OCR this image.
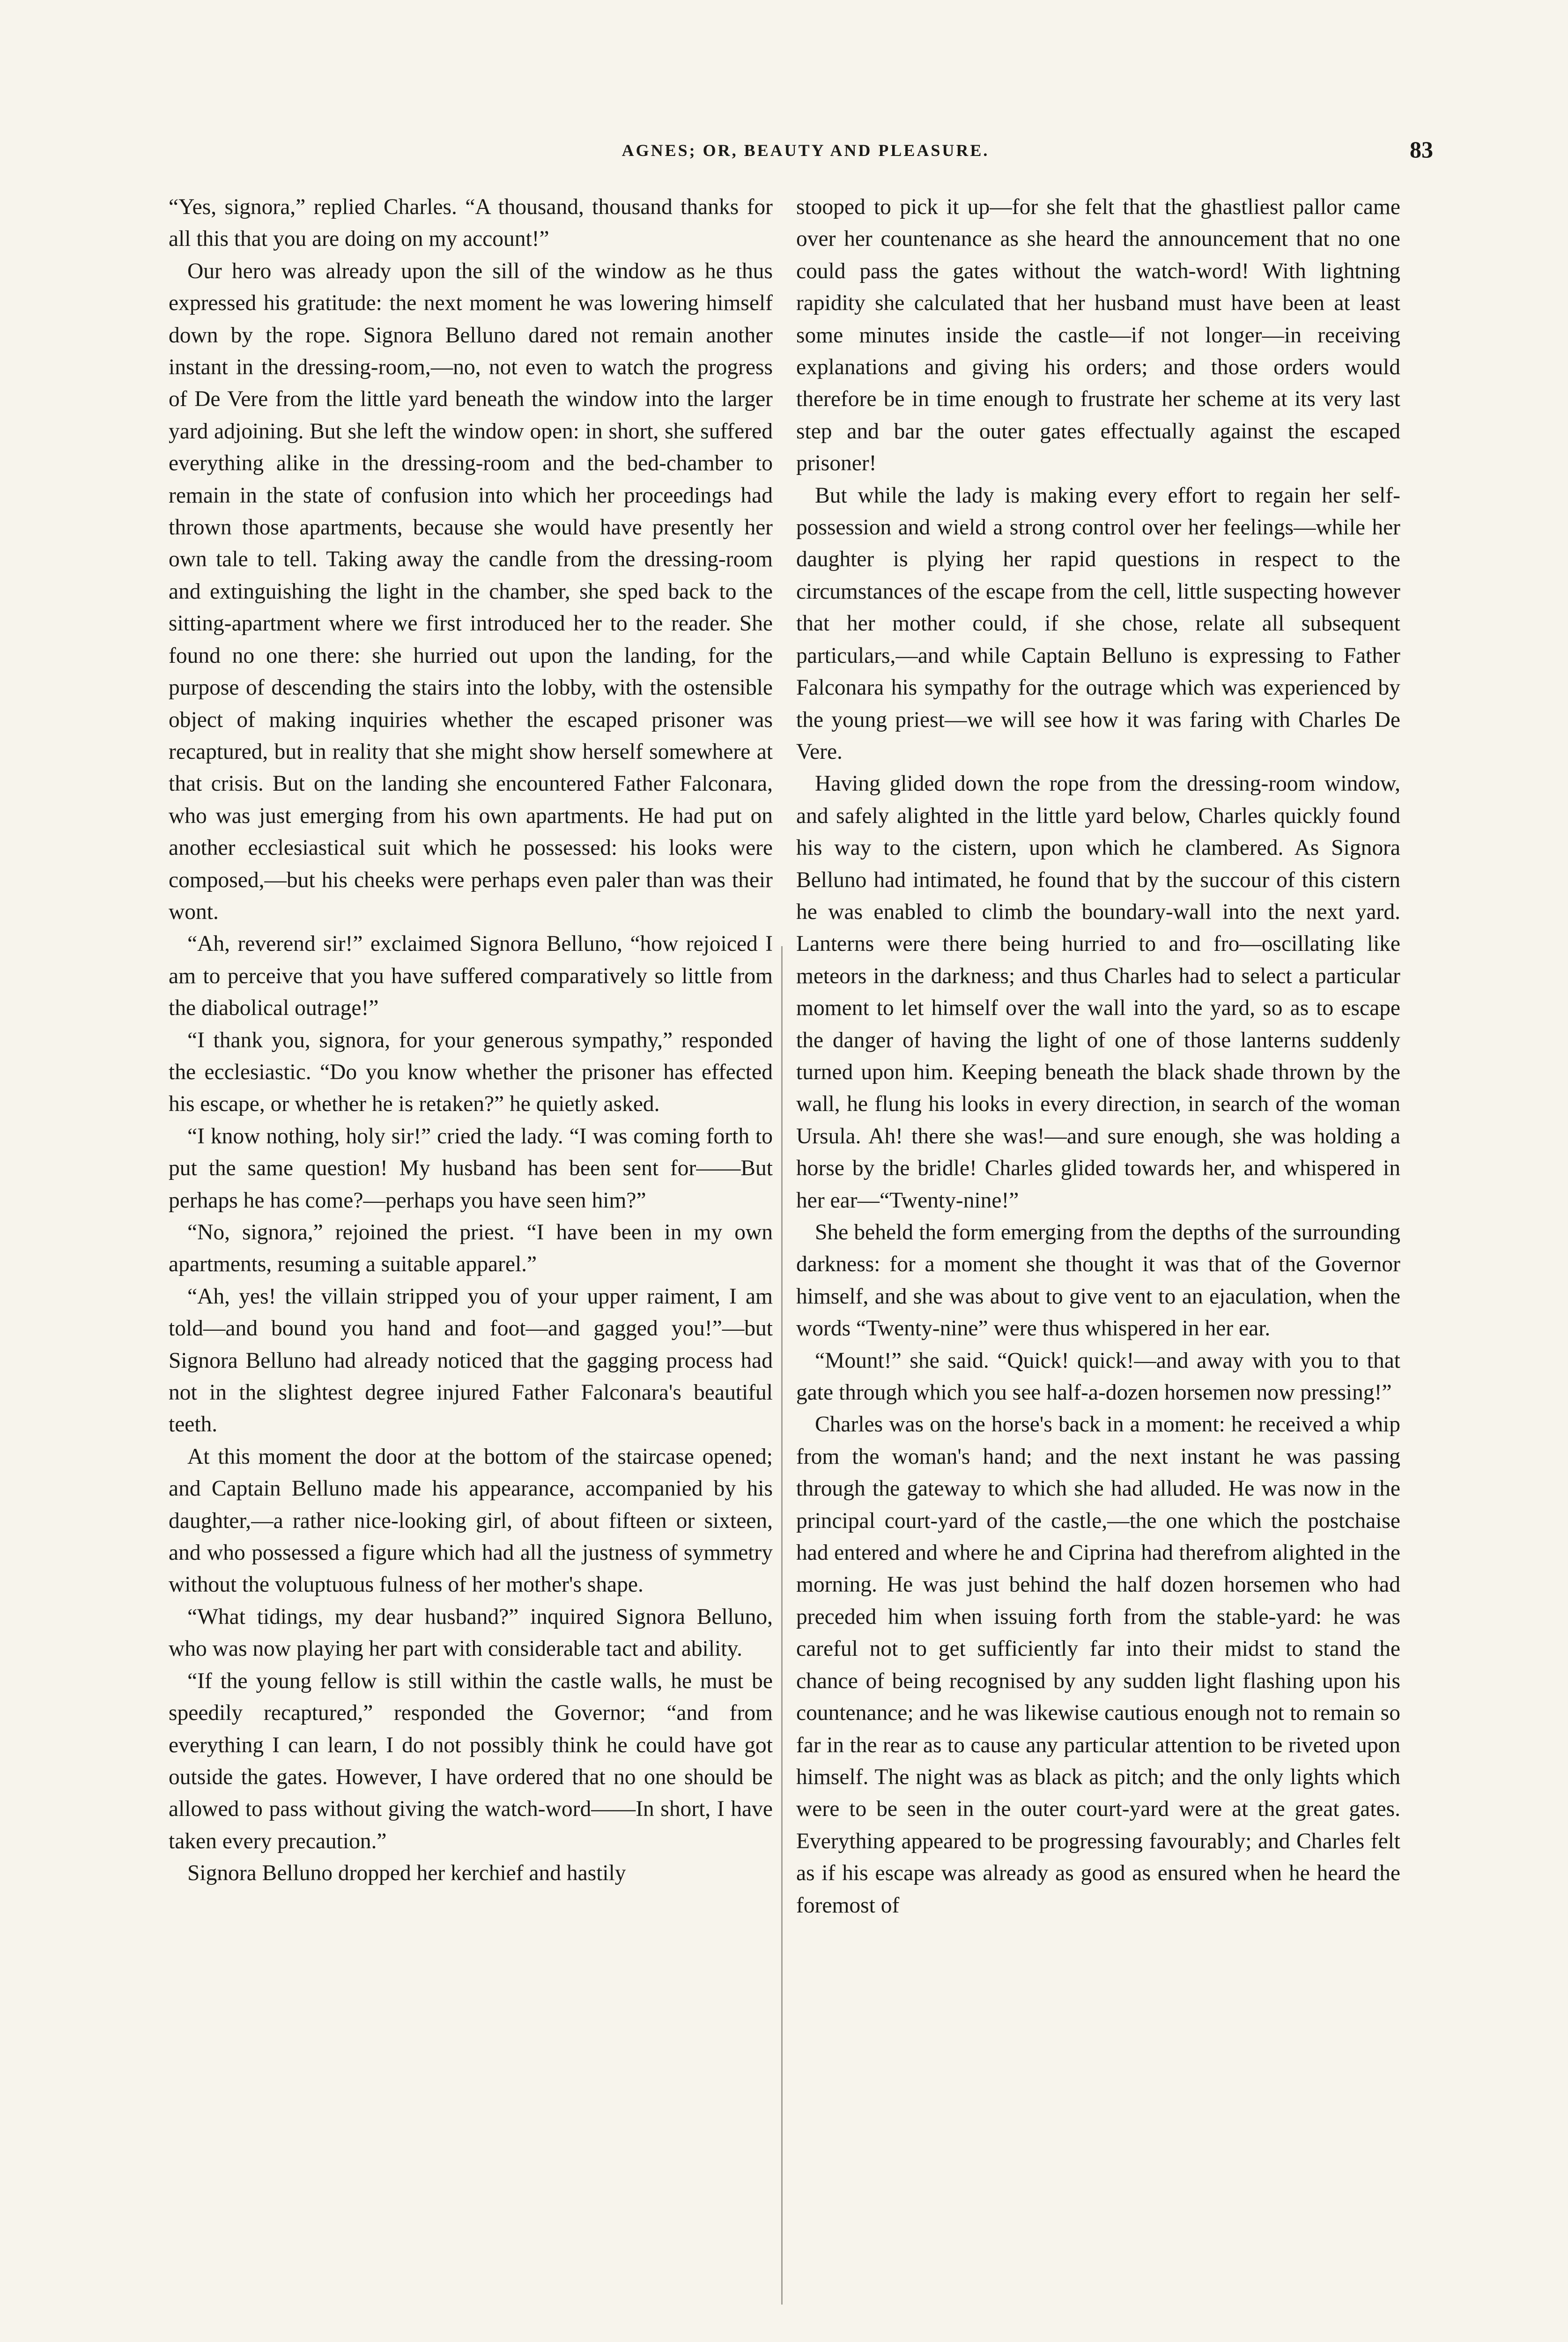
AGNES; OR, BEAUTY AND PLEASURE.	83

“Yes, signora,” replied Charles. “A thousand, thousand thanks for all this that you are doing on my account!”

Our hero was already upon the sill of the window as he thus expressed his gratitude: the next moment he was lowering himself down by the rope. Signora Belluno dared not remain another instant in the dressing-room,—no, not even to watch the progress of De Vere from the little yard beneath the window into the larger yard adjoining. But she left the window open: in short, she suffered everything alike in the dressing-room and the bed-chamber to remain in the state of confusion into which her proceedings had thrown those apartments, because she would have presently her own tale to tell. Taking away the candle from the dressing-room and extinguishing the light in the chamber, she sped back to the sitting-apartment where we first introduced her to the reader. She found no one there: she hurried out upon the landing, for the purpose of descending the stairs into the lobby, with the ostensible object of making inquiries whether the escaped prisoner was recaptured, but in reality that she might show herself somewhere at that crisis. But on the landing she encountered Father Falconara, who was just emerging from his own apartments. He had put on another ecclesiastical suit which he possessed: his looks were composed,—but his cheeks were perhaps even paler than was their wont.

“Ah, reverend sir!” exclaimed Signora Belluno, “how rejoiced I am to perceive that you have suffered comparatively so little from the diabolical outrage!”

“I thank you, signora, for your generous sympathy,” responded the ecclesiastic. “Do you know whether the prisoner has effected his escape, or whether he is retaken?” he quietly asked.

“I know nothing, holy sir!” cried the lady. “I was coming forth to put the same question! My husband has been sent for——But perhaps he has come?—perhaps you have seen him?”

“No, signora,” rejoined the priest. “I have been in my own apartments, resuming a suitable apparel.”

“Ah, yes! the villain stripped you of your upper raiment, I am told—and bound you hand and foot—and gagged you!”—but Signora Belluno had already noticed that the gagging process had not in the slightest degree injured Father Falconara's beautiful teeth.

At this moment the door at the bottom of the staircase opened; and Captain Belluno made his appearance, accompanied by his daughter,—a rather nice-looking girl, of about fifteen or sixteen, and who possessed a figure which had all the justness of symmetry without the voluptuous fulness of her mother's shape.

“What tidings, my dear husband?” inquired Signora Belluno, who was now playing her part with considerable tact and ability.

“If the young fellow is still within the castle walls, he must be speedily recaptured,” responded the Governor; “and from everything I can learn, I do not possibly think he could have got outside the gates. However, I have ordered that no one should be allowed to pass without giving the watch-word——In short, I have taken every precaution.”

Signora Belluno dropped her kerchief and hastily

stooped to pick it up—for she felt that the ghastliest pallor came over her countenance as she heard the announcement that no one could pass the gates without the watch-word! With lightning rapidity she calculated that her husband must have been at least some minutes inside the castle—if not longer—in receiving explanations and giving his orders; and those orders would therefore be in time enough to frustrate her scheme at its very last step and bar the outer gates effectually against the escaped prisoner!

But while the lady is making every effort to regain her self-possession and wield a strong control over her feelings—while her daughter is plying her rapid questions in respect to the circumstances of the escape from the cell, little suspecting however that her mother could, if she chose, relate all subsequent particulars,—and while Captain Belluno is expressing to Father Falconara his sympathy for the outrage which was experienced by the young priest—we will see how it was faring with Charles De Vere.

Having glided down the rope from the dressing-room window, and safely alighted in the little yard below, Charles quickly found his way to the cistern, upon which he clambered. As Signora Belluno had intimated, he found that by the succour of this cistern he was enabled to climb the boundary-wall into the next yard. Lanterns were there being hurried to and fro—oscillating like meteors in the darkness; and thus Charles had to select a particular moment to let himself over the wall into the yard, so as to escape the danger of having the light of one of those lanterns suddenly turned upon him. Keeping beneath the black shade thrown by the wall, he flung his looks in every direction, in search of the woman Ursula. Ah! there she was!—and sure enough, she was holding a horse by the bridle! Charles glided towards her, and whispered in her ear—“Twenty-nine!”

She beheld the form emerging from the depths of the surrounding darkness: for a moment she thought it was that of the Governor himself, and she was about to give vent to an ejaculation, when the words “Twenty-nine” were thus whispered in her ear.

“Mount!” she said. “Quick! quick!—and away with you to that gate through which you see half-a-dozen horsemen now pressing!”

Charles was on the horse's back in a moment: he received a whip from the woman's hand; and the next instant he was passing through the gateway to which she had alluded. He was now in the principal court-yard of the castle,—the one which the postchaise had entered and where he and Ciprina had therefrom alighted in the morning. He was just behind the half dozen horsemen who had preceded him when issuing forth from the stable-yard: he was careful not to get sufficiently far into their midst to stand the chance of being recognised by any sudden light flashing upon his countenance; and he was likewise cautious enough not to remain so far in the rear as to cause any particular attention to be riveted upon himself. The night was as black as pitch; and the only lights which were to be seen in the outer court-yard were at the great gates. Everything appeared to be progressing favourably; and Charles felt as if his escape was already as good as ensured when he heard the foremost of
